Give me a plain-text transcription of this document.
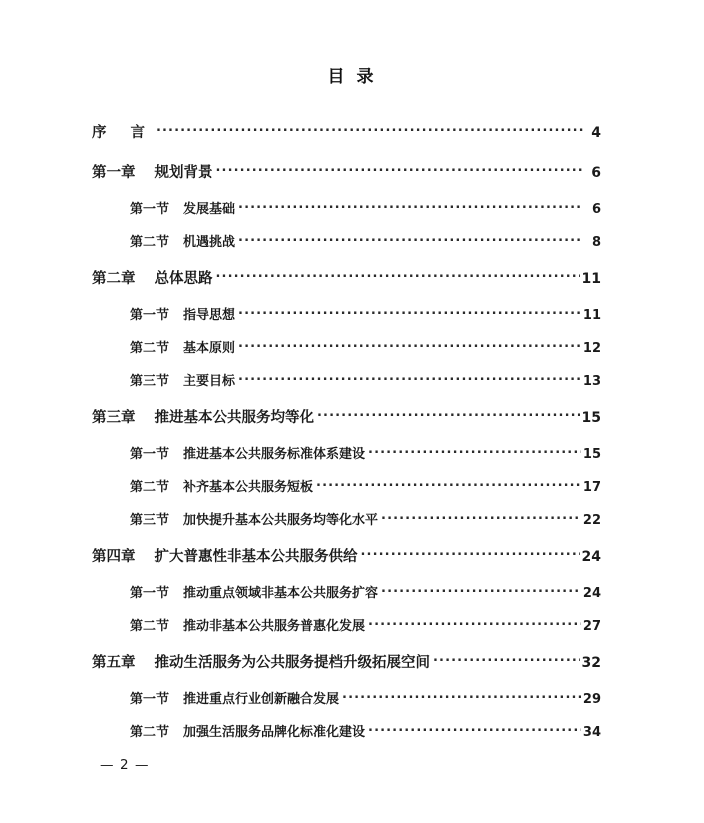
目 录
序 言 .....	4
第一章 规划背景 .....	6
第一节 发展基础 .....	6
第二节 机遇挑战 .....	8
第二章 总体思路 .....	11
第一节 指导思想 .....	11
第二节 基本原则 .....	12
第三节 主要目标 .....	13
第三章 推进基本公共服务均等化 .....	15
第一节 推进基本公共服务标准体系建设 .....	15
第二节 补齐基本公共服务短板 .....	17
第三节 加快提升基本公共服务均等化水平 .....	22
第四章 扩大普惠性非基本公共服务供给 .....	24
第一节 推动重点领域非基本公共服务扩容 .....	24
第二节 推动非基本公共服务普惠化发展 .....	27
第五章 推动生活服务为公共服务提档升级拓展空间 .....	32
第一节 推进重点行业创新融合发展 .....	29
第二节 加强生活服务品牌化标准化建设 .....	34
— 2 —
